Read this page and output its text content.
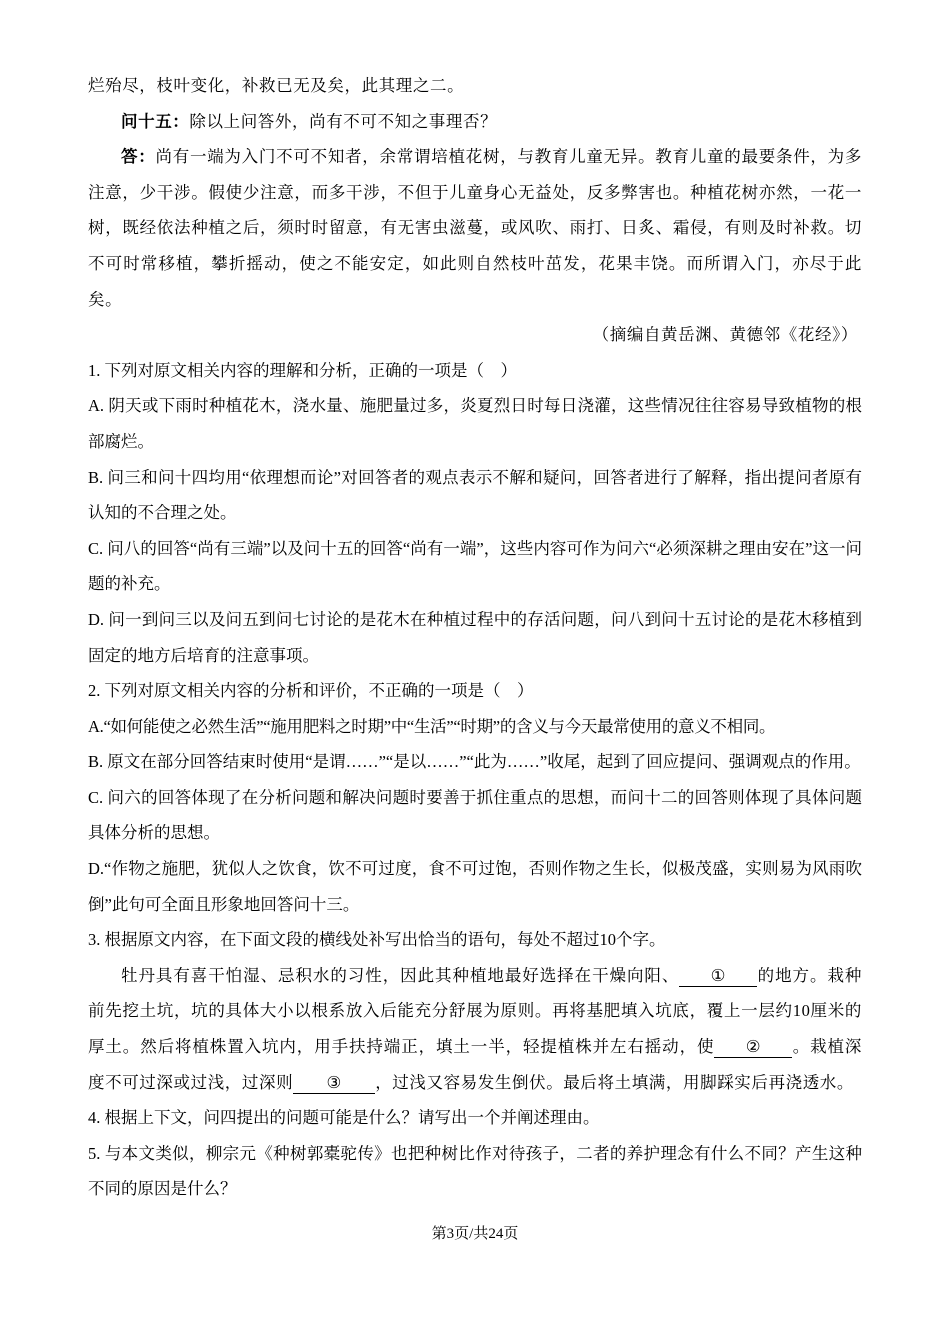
烂殆尽，枝叶变化，补救已无及矣，此其理之二。

问十五：除以上问答外，尚有不可不知之事理否？

答：尚有一端为入门不可不知者，余常谓培植花树，与教育儿童无异。教育儿童的最要条件，为多注意，少干涉。假使少注意，而多干涉，不但于儿童身心无益处，反多弊害也。种植花树亦然，一花一树，既经依法种植之后，须时时留意，有无害虫滋蔓，或风吹、雨打、日炙、霜侵，有则及时补救。切不可时常移植，攀折摇动，使之不能安定，如此则自然枝叶茁发，花果丰饶。而所谓入门，亦尽于此矣。

（摘编自黄岳渊、黄德邻《花经》）

1. 下列对原文相关内容的理解和分析，正确的一项是（　）

A. 阴天或下雨时种植花木，浇水量、施肥量过多，炎夏烈日时每日浇灌，这些情况往往容易导致植物的根部腐烂。

B. 问三和问十四均用“依理想而论”对回答者的观点表示不解和疑问，回答者进行了解释，指出提问者原有认知的不合理之处。

C. 问八的回答“尚有三端”以及问十五的回答“尚有一端”，这些内容可作为问六“必须深耕之理由安在”这一问题的补充。

D. 问一到问三以及问五到问七讨论的是花木在种植过程中的存活问题，问八到问十五讨论的是花木移植到固定的地方后培育的注意事项。

2. 下列对原文相关内容的分析和评价，不正确的一项是（　）

A.“如何能使之必然生活”“施用肥料之时期”中“生活”“时期”的含义与今天最常使用的意义不相同。

B. 原文在部分回答结束时使用“是谓……”“是以……”“此为……”收尾，起到了回应提问、强调观点的作用。

C. 问六的回答体现了在分析问题和解决问题时要善于抓住重点的思想，而问十二的回答则体现了具体问题具体分析的思想。

D.“作物之施肥，犹似人之饮食，饮不可过度，食不可过饱，否则作物之生长，似极茂盛，实则易为风雨吹倒”此句可全面且形象地回答问十三。

3. 根据原文内容，在下面文段的横线处补写出恰当的语句，每处不超过10个字。

牡丹具有喜干怕湿、忌积水的习性，因此其种植地最好选择在干燥向阳、 ① 的地方。栽种前先挖土坑，坑的具体大小以根系放入后能充分舒展为原则。再将基肥填入坑底，覆上一层约10厘米的厚土。然后将植株置入坑内，用手扶持端正，填土一半，轻提植株并左右摇动，使 ② 。栽植深度不可过深或过浅，过深则 ③ ，过浅又容易发生倒伏。最后将土填满，用脚踩实后再浇透水。

4. 根据上下文，问四提出的问题可能是什么？请写出一个并阐述理由。

5. 与本文类似，柳宗元《种树郭橐驼传》也把种树比作对待孩子，二者的养护理念有什么不同？产生这种不同的原因是什么？

第3页/共24页
